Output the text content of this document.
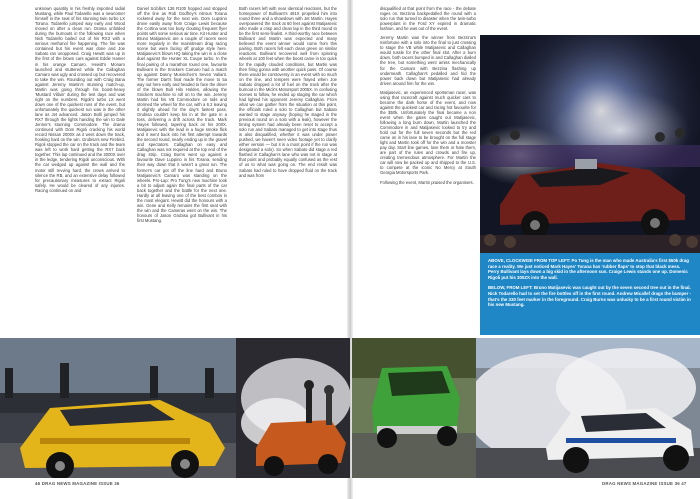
unknown quantity in his freshly imported radial Mustang, while Paul Todarello was a newcomer himself in the seat of his stunning twin turbo LX Torana. Todarello jumped way early and Wood moved on after a clean run. Drama unfolded during the burnouts in the following race when Nick Todarello bailed out of his RX3 with a serious methanol fire happening. The fire was contained but his event was done and Joe Sabato ran unopposed. Craig Hewitt was up in the first of the blown cars against Eddie Hamer in his orange Camaro. Hewitt's Monaro launched and stuttered while the Callaghan Camaro was ugly and crossed up but recovered to take the win. Rounding out with Craig Bana against Jeremy Martin's stunning match-up, Martin was going through his boost-heavy 'Mustard Villain' during the test days and was right on the numbers. Rigoli's turbo LX went down one of the quickest runs of the event, but unfortunately the quickest run was in the other lane as Jet advanced. Jason Bolli jumped his RX7 through the lights handing the win to Dale Jenner's stunning Commodore. The drama continued with Dom Rigoli cracking his world record Nissan 2000X as it went down the track, hooking hard on the win. Grubisa's new Firebird. Rigoli stopped the car on the track and the team was left to work hard getting the RX7 back together. This lap continued and the 2000X over in the ledge, tendering Rigoli unconscious. With the car wedged up against the wall and the motor still revving hard, the crews arrived to silence the RB, and an extensive delay followed for precautionary measures to extract Rigoli safely. He would be cleared of any injuries. Racing continued on and

Daniel Sciblla's 138 R100 hopped and stopped off the line as Rob Godfrey's nitrous Torana rocketed away for the next win. Dom Lupoino drove easily away from Craige Lewis because the Cortina was too busy clouting frequent flyer points with some serious air time. Kit Hunter and Bruno Matijasevic are a couple of racers seen more regularly in the mainstream drag racing scene but were facing off grudge style here. Matijasevic's blown HQ taking the win in a close duel against the Hunter XL Coupe turbo. In the final pairing of a marathon round one, favourite Bullivant in the Snickers Camaro had a match up against Danny Musinchen's Seven Valiant. The former Dart's final made the move to 5a way out here early and headed to face the driver of the blown Bull Hilo Holden, allowing the Snickers machine to roll on to the win. Jeremy Martin had his VB Commodore on rails and stormed the wheel for the car, with a 6.2 leaving it slightly ahead for the day's fastest pass. Grubisa couldn't keep his in at the gate in a toss, delivering a drift across the track. Mark Hayes followed, tapering back on his 200X. Matijasevic with the lead in a huge smoke flick and it went back into his first attempt towards the second round, nearly ending up in the gravel and spectators. Callaghan on easy and Callaghan was not required at the top end of the drag strip. Craig Burns went up against a favourite Dave Luppino in his Torana, sending their way down that it wasn't a great run. The former's car got off the line hard and Bruno Matijasevic's Camaro was standing on the wheels. Pro-Lap: Pro Tung's new machine took a bit to adjust again the final parts of the car back together and the battle for the next one. Hardly at all leaving one of the best combos in the most elegant. Hewitt did the honours with a win. Gene and Kelly remains the first seat with the win and the Cameras went on the win. The honours of Jason Grubisa got Bullivant in his first Mustang.

Both racers left with near identical reactions, but the horsepower of Bullivant's 481X propelled him into round three and a showdown with Jet Martin. Hayes overpowered the track at 60 feet against Matijasevic who made a crisp and clean lap in the third round to be the first semi-finalist. A third-worthy race between Bullivant and Martin was expected and many believed the event winner would come from this pairing. Both racers felt each clean green on similar reactions. Bullivant recovered well from spinning wheels at 100 feet when the boost came in too quick for the rapidly clouded conditions, but Martin was then firing gonna with another quick pass. Of course there would be controversy in an event with so much on the line, and tempers were frayed when Joe Sabato dropped a lot of fuel on the track after the burnout in the Mick's Motorsport 2005X. In confusing scenes to follow, he ended up staging the car which had lighted his opponent Jeremy Callaghan. From what we can gather from the situation at this point, the officials ruled a solo to Callaghan but Sabato wanted to stage anyway (hoping he staged in the previous round on a solo with a leak), however the timing system had already been reset to accept a solo run and Sabato managed to get into stage thus is also disqualified, whether it was under power pushed, we haven't seen video footage yet to clarify either version — but it is a moot point if the run was designated a solo). So when Sabato did stage a red flashed in Callaghan's lane who was not in stage at that point and probably equally confused as the rest of us to what was going on. The end result was Sabato had ruled to have dropped fluid on the track and was from

disqualified at that point from the race - the debate rages on. Bezzina backpedalled the round with a solo run that turned to disaster when the twin-turbo powerplant in the Ford XY expired in dramatic fashion, and he was out of the event.

Jeremy Martin was the winner from Bezzina's misfortune with a solo into the final to just crossing to stage the VB while Matijasevic and Callaghan would tussle for the other final slot. After a burn down, both racers bumped in and Callaghan dialled the tree, but something went amiss mechanically for the Camaro with Bezzina flashing up underneath. Callaghan's pedalled and hid the power back down but Matijasevic had already driven around him for the win.

Matijasevic, an experienced sportsman racer, was using that racecraft against much quicker cars to become the dark horse of the event, and now against the quickest car and racing hot favourite for the $50k. Unfortunately the final became a non event when the gates caught out Matijasevic, following a long burn down, Martin launched the Commodore in and Matijasevic looked to try and hold out for the full seven seconds but the red came on in his lane to be brought on the full stage light and Martin took off for the win and a monster pay day. Start line games, love them or hate them, are part of the rules and crowds and fire up, creating tremendous atmosphere. For Martin the car will now be packed up and shipped to the U.S. to compete at the iconic No Mercy at South Georgia Motorsports Park.

Following the event, Martin praised the organisers.

ABOVE, CLOCKWISE FROM TOP LEFT: Po Tung is the man who made Australia's first $50k drag race a reality. We just noticed Mark Hayes' Torana has 'rubber flaps' to stop that black mess. Perry Bullivant lays down a big skid in the afternoon sun. Craige Lewis stands one up. Domenic Rigoli put his 300ZX into the wall.

BELOW, FROM LEFT: Bruno Matijasevic was caught out by the seven second tree out in the final. Nick Todarello had to set the fire bottles off in the first round. Andrew Micallef drags the bumper - that's the 330 feet marker in the foreground. Craig Burns was unlucky to be a first round victim in his new Mustang.

46 DRAG NEWS MAGAZINE ISSUE 36	DRAG NEWS MAGAZINE ISSUE 36 47
